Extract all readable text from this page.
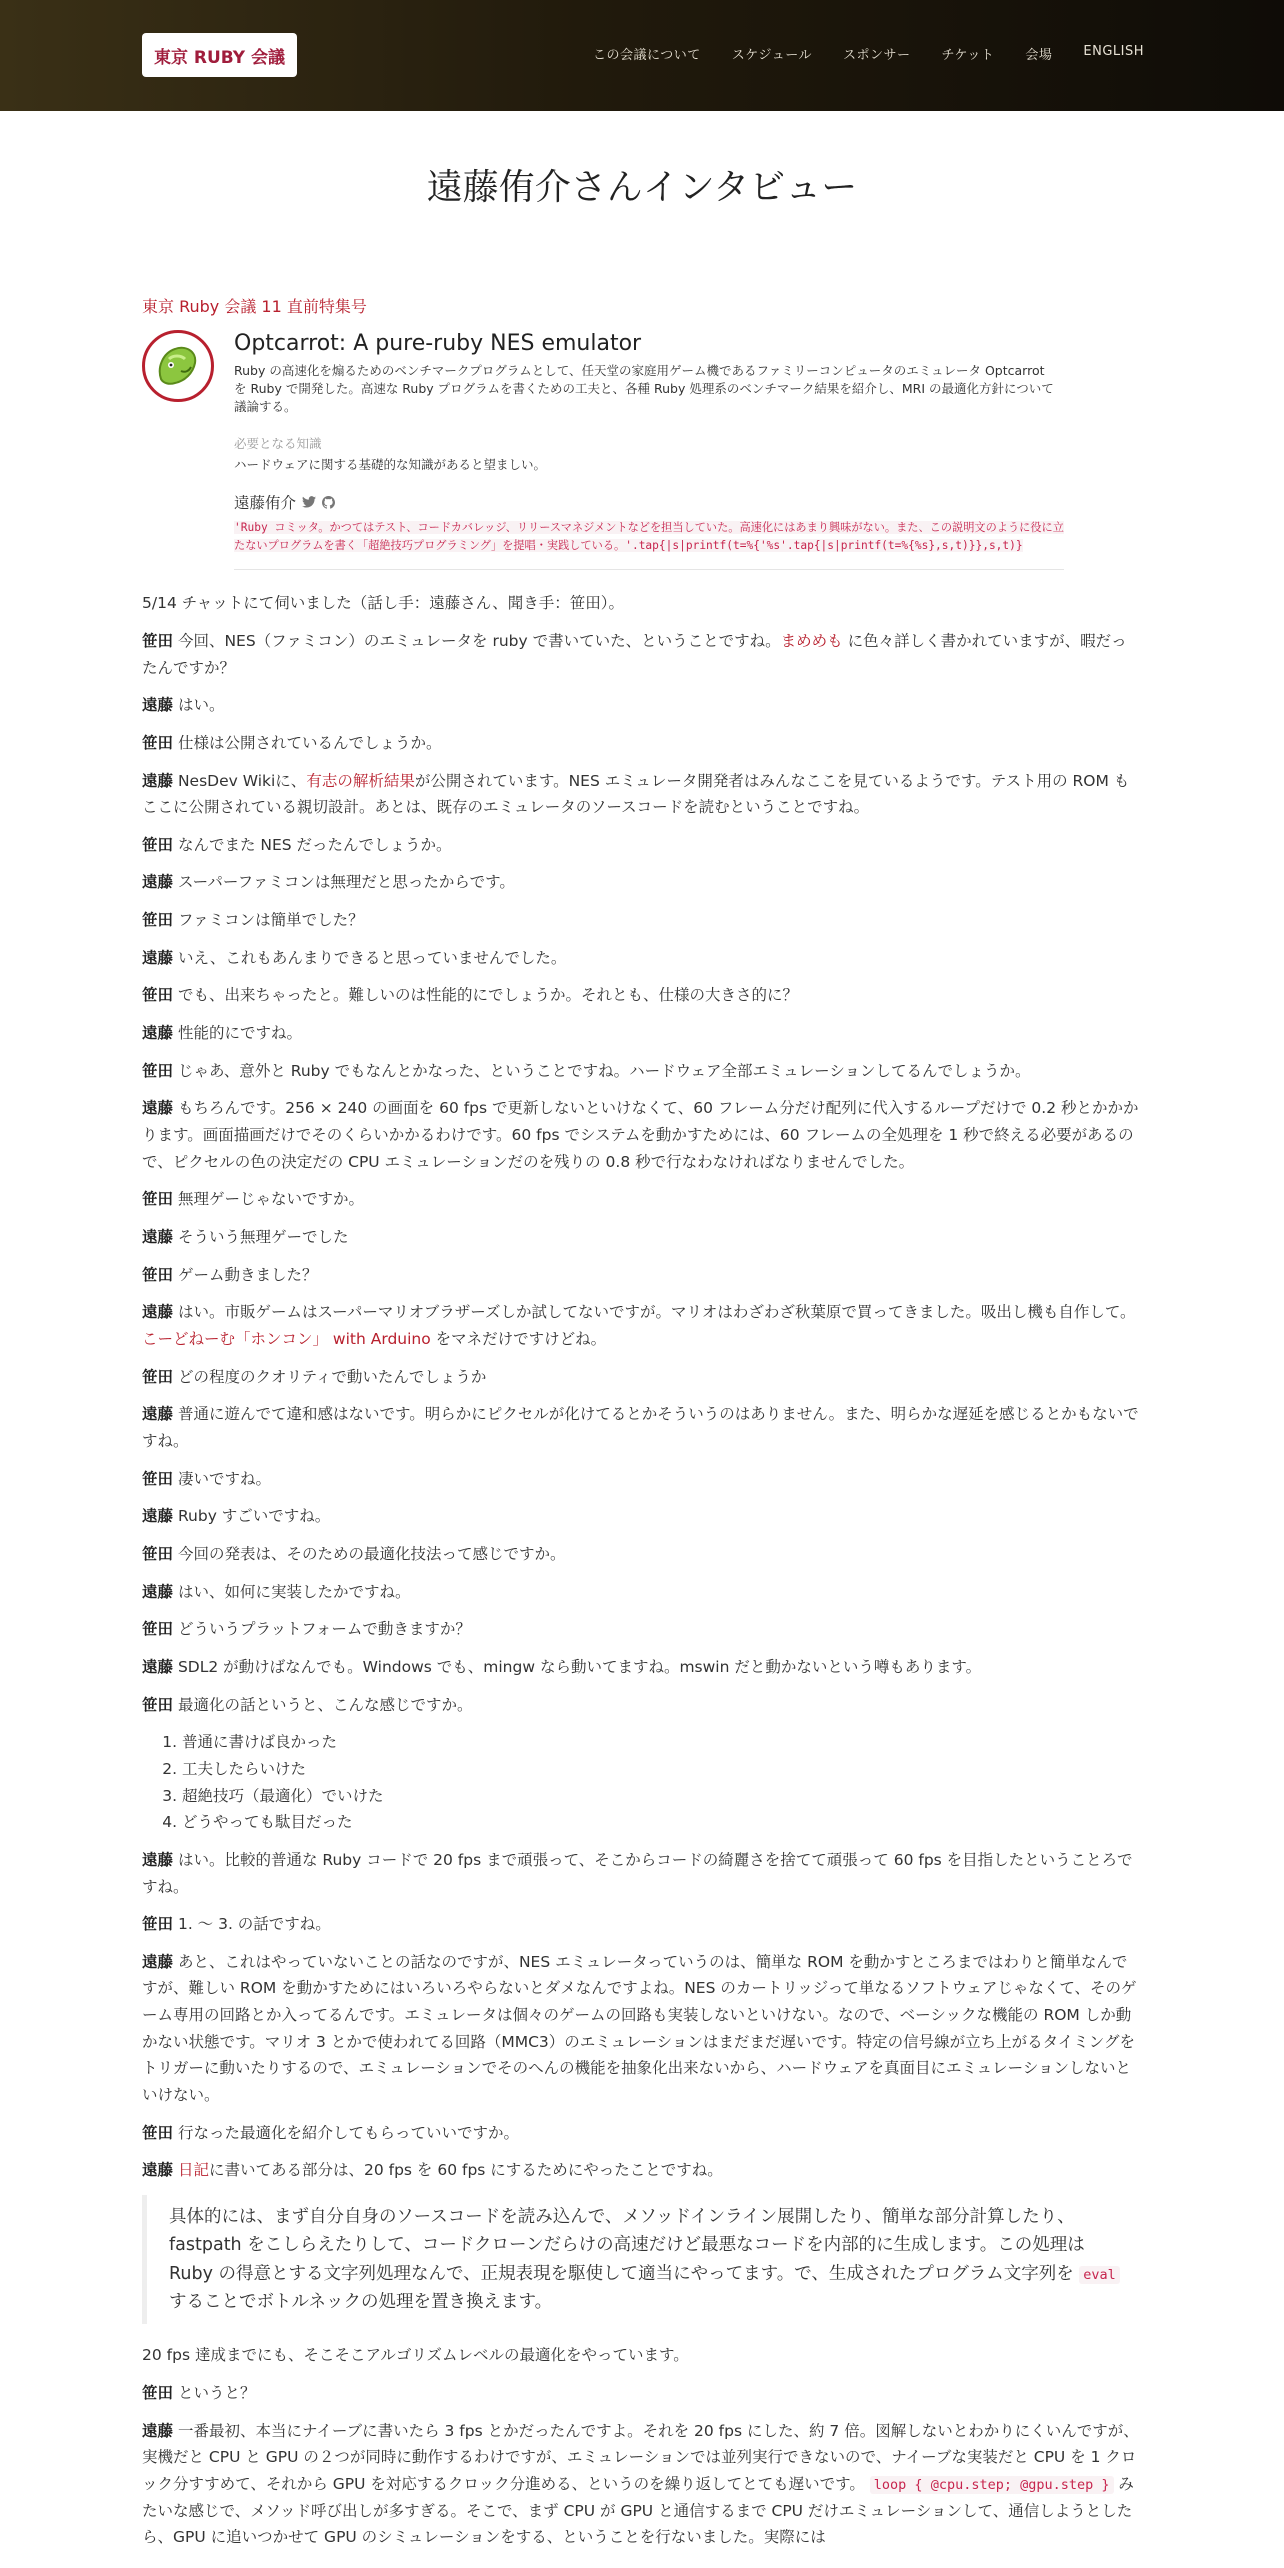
東京 RUBY 会議	この会議について スケジュール スポンサー チケット 会場 ENGLISH
遠藤侑介さんインタビュー
東京 Ruby 会議 11 直前特集号
Optcarrot: A pure-ruby NES emulator
Ruby の高速化を煽るためのベンチマークプログラムとして、任天堂の家庭用ゲーム機であるファミリーコンピュータのエミュレータ Optcarrot を Ruby で開発した。高速な Ruby プログラムを書くための工夫と、各種 Ruby 処理系のベンチマーク結果を紹介し、MRI の最適化方針について議論する。
必要となる知識
ハードウェアに関する基礎的な知識があると望ましい。
遠藤侑介
'Ruby コミッタ。かつてはテスト、コードカバレッジ、リリースマネジメントなどを担当していた。高速化にはあまり興味がない。また、この説明文のように役に立たないプログラムを書く「超絶技巧プログラミング」を提唱・実践している。'.tap{|s|printf(t=%{'%s'.tap{|s|printf(t=%{%s},s,t)}},s,t)}

5/14 チャットにて伺いました（話し手：遠藤さん、聞き手：笹田）。

笹田 今回、NES（ファミコン）のエミュレータを ruby で書いていた、ということですね。まめめも に色々詳しく書かれていますが、暇だったんですか？

遠藤 はい。

笹田 仕様は公開されているんでしょうか。

遠藤 NesDev Wikiに、有志の解析結果が公開されています。NES エミュレータ開発者はみんなここを見ているようです。テスト用の ROM もここに公開されている親切設計。あとは、既存のエミュレータのソースコードを読むということですね。

笹田 なんでまた NES だったんでしょうか。

遠藤 スーパーファミコンは無理だと思ったからです。

笹田 ファミコンは簡単でした？

遠藤 いえ、これもあんまりできると思っていませんでした。

笹田 でも、出来ちゃったと。難しいのは性能的にでしょうか。それとも、仕様の大きさ的に？

遠藤 性能的にですね。

笹田 じゃあ、意外と Ruby でもなんとかなった、ということですね。ハードウェア全部エミュレーションしてるんでしょうか。

遠藤 もちろんです。256 × 240 の画面を 60 fps で更新しないといけなくて、60 フレーム分だけ配列に代入するループだけで 0.2 秒とかかかります。画面描画だけでそのくらいかかるわけです。60 fps でシステムを動かすためには、60 フレームの全処理を 1 秒で終える必要があるので、ピクセルの色の決定だの CPU エミュレーションだのを残りの 0.8 秒で行なわなければなりませんでした。

笹田 無理ゲーじゃないですか。

遠藤 そういう無理ゲーでした

笹田 ゲーム動きました？

遠藤 はい。市販ゲームはスーパーマリオブラザーズしか試してないですが。マリオはわざわざ秋葉原で買ってきました。吸出し機も自作して。こーどねーむ「ホンコン」 with Arduino をマネだけですけどね。

笹田 どの程度のクオリティで動いたんでしょうか

遠藤 普通に遊んでて違和感はないです。明らかにピクセルが化けてるとかそういうのはありません。また、明らかな遅延を感じるとかもないですね。

笹田 凄いですね。

遠藤 Ruby すごいですね。

笹田 今回の発表は、そのための最適化技法って感じですか。

遠藤 はい、如何に実装したかですね。

笹田 どういうプラットフォームで動きますか？

遠藤 SDL2 が動けばなんでも。Windows でも、mingw なら動いてますね。mswin だと動かないという噂もあります。

笹田 最適化の話というと、こんな感じですか。

1. 普通に書けば良かった
2. 工夫したらいけた
3. 超絶技巧（最適化）でいけた
4. どうやっても駄目だった

遠藤 はい。比較的普通な Ruby コードで 20 fps まで頑張って、そこからコードの綺麗さを捨てて頑張って 60 fps を目指したということろですね。

笹田 1. 〜 3. の話ですね。

遠藤 あと、これはやっていないことの話なのですが、NES エミュレータっていうのは、簡単な ROM を動かすところまではわりと簡単なんですが、難しい ROM を動かすためにはいろいろやらないとダメなんですよね。NES のカートリッジって単なるソフトウェアじゃなくて、そのゲーム専用の回路とか入ってるんです。エミュレータは個々のゲームの回路も実装しないといけない。なので、ベーシックな機能の ROM しか動かない状態です。マリオ 3 とかで使われてる回路（MMC3）のエミュレーションはまだまだ遅いです。特定の信号線が立ち上がるタイミングをトリガーに動いたりするので、エミュレーションでそのへんの機能を抽象化出来ないから、ハードウェアを真面目にエミュレーションしないといけない。

笹田 行なった最適化を紹介してもらっていいですか。

遠藤 日記に書いてある部分は、20 fps を 60 fps にするためにやったことですね。

具体的には、まず自分自身のソースコードを読み込んで、メソッドインライン展開したり、簡単な部分計算したり、fastpath をこしらえたりして、コードクローンだらけの高速だけど最悪なコードを内部的に生成します。この処理は Ruby の得意とする文字列処理なんで、正規表現を駆使して適当にやってます。で、生成されたプログラム文字列を eval することでボトルネックの処理を置き換えます。

20 fps 達成までにも、そこそこアルゴリズムレベルの最適化をやっています。

笹田 というと？

遠藤 一番最初、本当にナイーブに書いたら 3 fps とかだったんですよ。それを 20 fps にした、約 7 倍。図解しないとわかりにくいんですが、実機だと CPU と GPU の２つが同時に動作するわけですが、エミュレーションでは並列実行できないので、ナイーブな実装だと CPU を 1 クロック分すすめて、それから GPU を対応するクロック分進める、というのを繰り返してとても遅いです。 loop { @cpu.step; @gpu.step } みたいな感じで、メソッド呼び出しが多すぎる。そこで、まず CPU が GPU と通信するまで CPU だけエミュレーションして、通信しようとしたら、GPU に追いつかせて GPU のシミュレーションをする、ということを行ないました。実際には
